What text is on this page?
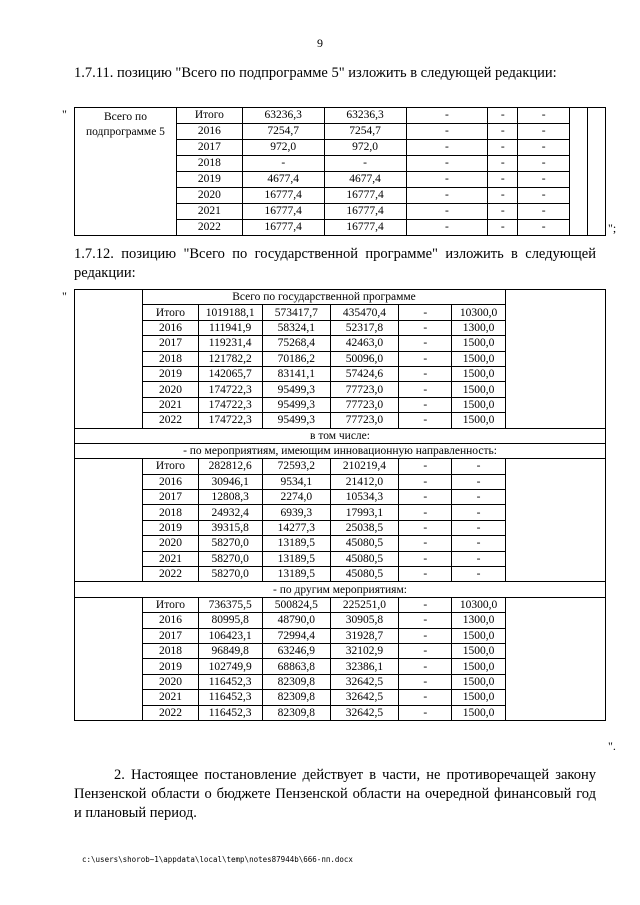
9
1.7.11. позицию "Всего по подпрограмме 5" изложить в следующей редакции:
"	Всего по подпрограмме 5	Итого	63236,3	63236,3	-	-	-		
	2016	7254,7	7254,7	-	-	-		
	2017	972,0	972,0	-	-	-		
	2018	-	-	-	-	-		
	2019	4677,4	4677,4	-	-	-		
	2020	16777,4	16777,4	-	-	-		
	2021	16777,4	16777,4	-	-	-		
	2022	16777,4	16777,4	-	-	-			";
1.7.12. позицию "Всего по государственной программе" изложить в следующей редакции:
"
		Всего по государственной программе						
	Итого	1019188,1	573417,7	435470,4	-	10300,0	
	2016	111941,9	58324,1	52317,8	-	1300,0	
	2017	119231,4	75268,4	42463,0	-	1500,0	
	2018	121782,2	70186,2	50096,0	-	1500,0	
	2019	142065,7	83141,1	57424,6	-	1500,0	
	2020	174722,3	95499,3	77723,0	-	1500,0	
	2021	174722,3	95499,3	77723,0	-	1500,0	
	2022	174722,3	95499,3	77723,0	-	1500,0	
в том числе:							
- по мероприятиям, имеющим инновационную направленность:							
	Итого	282812,6	72593,2	210219,4	-	-	
	2016	30946,1	9534,1	21412,0	-	-	
	2017	12808,3	2274,0	10534,3	-	-	
	2018	24932,4	6939,3	17993,1	-	-	
	2019	39315,8	14277,3	25038,5	-	-	
	2020	58270,0	13189,5	45080,5	-	-	
	2021	58270,0	13189,5	45080,5	-	-	
	2022	58270,0	13189,5	45080,5	-	-	
- по другим мероприятиям:							
	Итого	736375,5	500824,5	225251,0	-	10300,0	
	2016	80995,8	48790,0	30905,8	-	1300,0	
	2017	106423,1	72994,4	31928,7	-	1500,0	
	2018	96849,8	63246,9	32102,9	-	1500,0	
	2019	102749,9	68863,8	32386,1	-	1500,0	
	2020	116452,3	82309,8	32642,5	-	1500,0	
	2021	116452,3	82309,8	32642,5	-	1500,0	
	2022	116452,3	82309,8	32642,5	-	1500,0	
".
2. Настоящее постановление действует в части, не противоречащей закону Пензенской области о бюджете Пензенской области на очередной финансовый год и плановый период.
c:\users\shorob~1\appdata\local\temp\notes87944b\666-пп.docx
